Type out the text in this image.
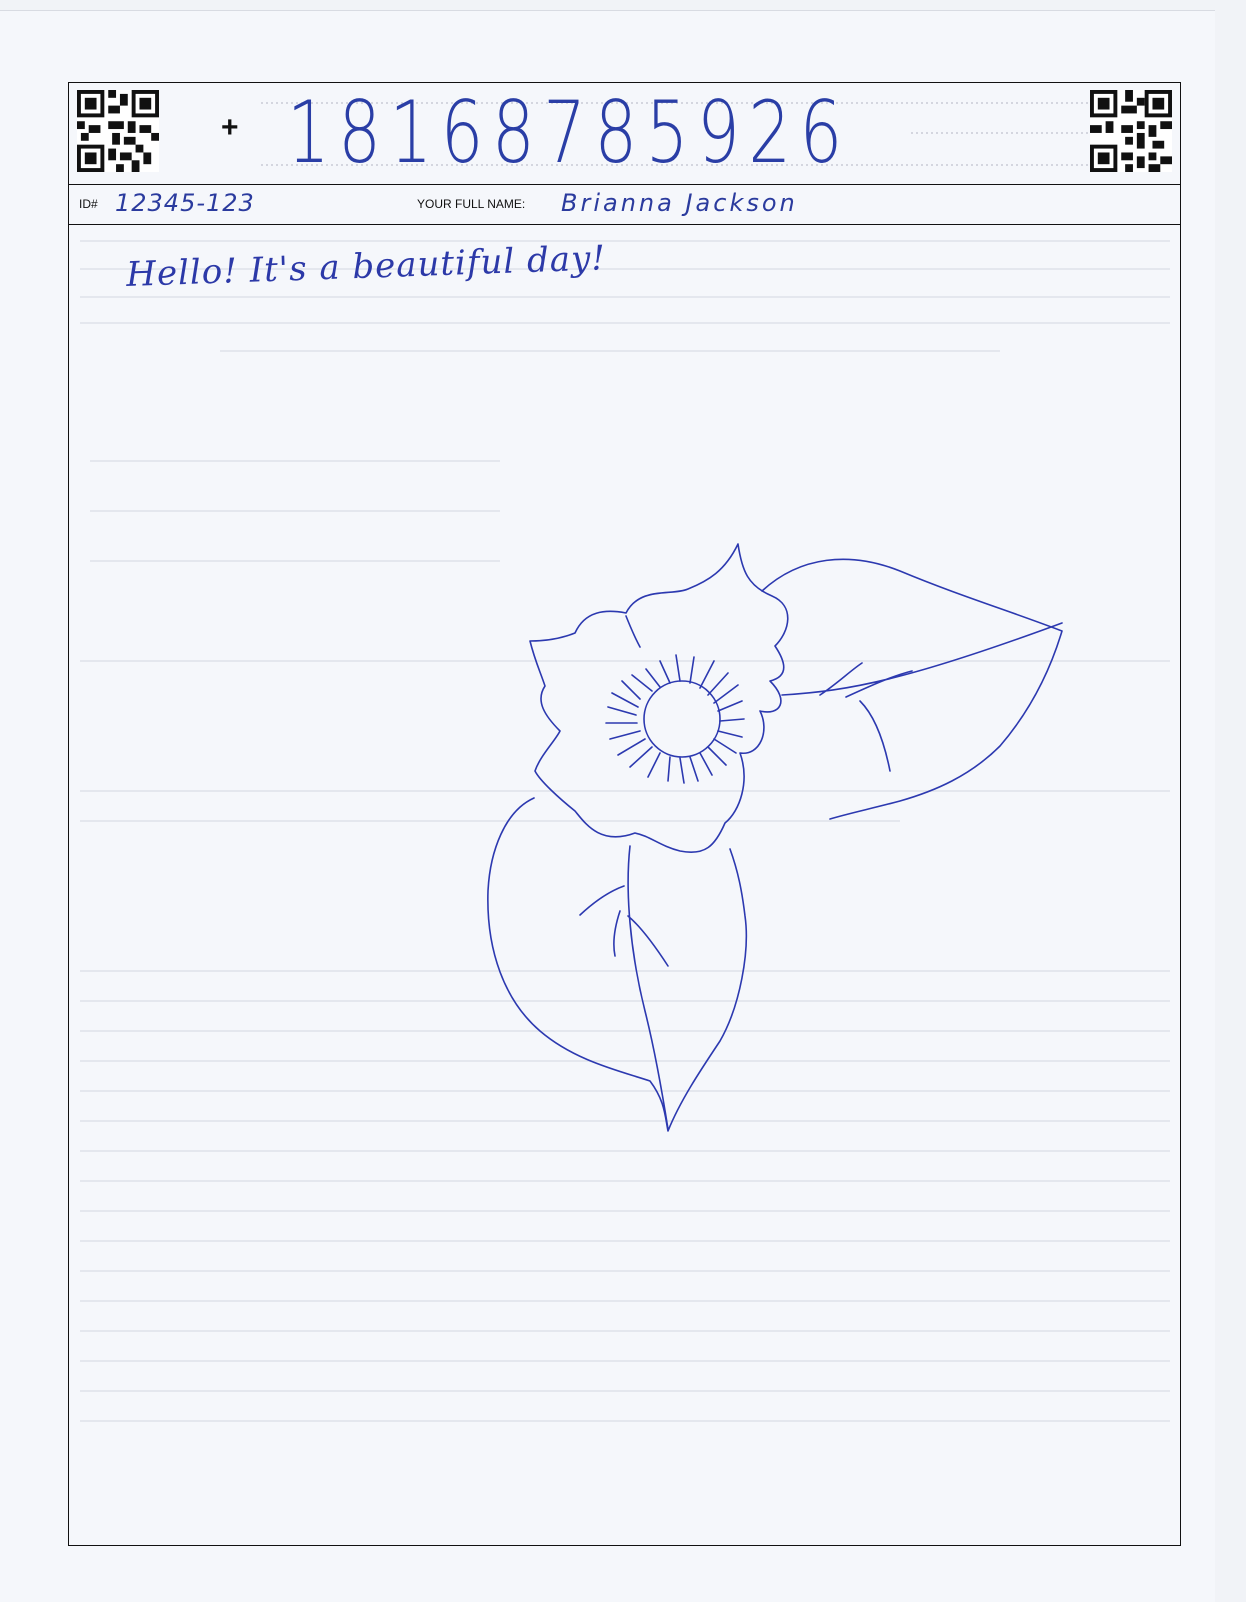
+ 18168785926
ID# 12345-123	YOUR FULL NAME: Brianna Jackson
Hello! It's a beautiful day!
